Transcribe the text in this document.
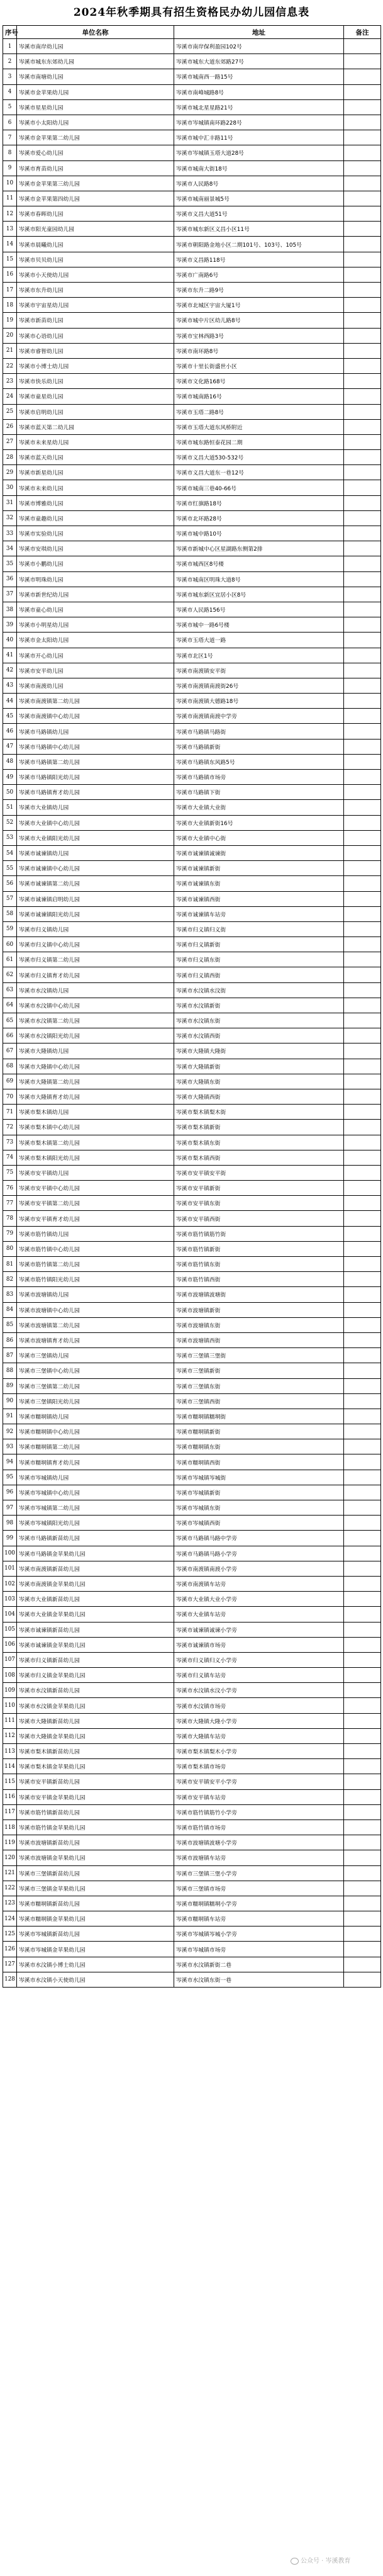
2024年秋季期具有招生资格民办幼儿园信息表
序号	单位名称	地址	备注
1	岑溪市南岸幼儿园	岑溪市南岸保利盈园102号	
2	岑溪市城东东郊幼儿园	岑溪市城东大道东郊路27号	
3	岑溪市南塘幼儿园	岑溪市城南西一路15号	
4	岑溪市金苹果幼儿园	岑溪市南峰城路8号	
5	岑溪市星星幼儿园	岑溪市城北星星路21号	
6	岑溪市小太阳幼儿园	岑溪市岑城镇南环路228号	
7	岑溪市金苹果第二幼儿园	岑溪市城中汇丰路11号	
8	岑溪市爱心幼儿园	岑溪市岑城镇玉塔大道28号	
9	岑溪市育苗幼儿园	岑溪市城南大街18号	
10	岑溪市金苹果第三幼儿园	岑溪市人民路8号	
11	岑溪市金苹果第四幼儿园	岑溪市城南丽景城5号	
12	岑溪市春晖幼儿园	岑溪市义昌大道51号	
13	岑溪市阳光童园幼儿园	岑溪市城东新区义昌小区11号	
14	岑溪市晨曦幼儿园	岑溪市朝阳路金地小区二期101号、103号、105号	
15	岑溪市贝贝幼儿园	岑溪市义昌路118号	
16	岑溪市小天使幼儿园	岑溪市广南路6号	
17	岑溪市东升幼儿园	岑溪市东升二路9号	
18	岑溪市宇宙星幼儿园	岑溪市北城区宇宙大厦1号	
19	岑溪市新苗幼儿园	岑溪市城中片区幼儿路8号	
20	岑溪市心语幼儿园	岑溪市宝林西路3号	
21	岑溪市睿智幼儿园	岑溪市南环路8号	
22	岑溪市小博士幼儿园	岑溪市十里长街盛世小区	
23	岑溪市快乐幼儿园	岑溪市文化路168号	
24	岑溪市童星幼儿园	岑溪市城南路16号	
25	岑溪市启明幼儿园	岑溪市玉塔二路8号	
26	岑溪市蓝天第二幼儿园	岑溪市玉塔大道东风桥附近	
27	岑溪市未来星幼儿园	岑溪市城东路恒泰花园二期	
28	岑溪市蓝天幼儿园	岑溪市义昌大道530-532号	
29	岑溪市新星幼儿园	岑溪市义昌大道东一巷12号	
30	岑溪市未来幼儿园	岑溪市城南三巷40-66号	
31	岑溪市博雅幼儿园	岑溪市红旗路18号	
32	岑溪市童趣幼儿园	岑溪市北环路28号	
33	岑溪市实验幼儿园	岑溪市城中路10号	
34	岑溪市安琪幼儿园	岑溪市新城中心区星湖路东侧第2排	
35	岑溪市小鹏幼儿园	岑溪市城西区8号楼	
36	岑溪市明珠幼儿园	岑溪市城南区明珠大道8号	
37	岑溪市新世纪幼儿园	岑溪市城东新区宜居小区8号	
38	岑溪市童心幼儿园	岑溪市人民路156号	
39	岑溪市小明星幼儿园	岑溪市城中一路6号楼	
40	岑溪市金太阳幼儿园	岑溪市玉塔大道一路	
41	岑溪市开心幼儿园	岑溪市北区1号	
42	岑溪市安平幼儿园	岑溪市南渡镇安平街	
43	岑溪市南渡幼儿园	岑溪市南渡镇南渡街26号	
44	岑溪市南渡镇第二幼儿园	岑溪市南渡镇大德路18号	
45	岑溪市南渡镇中心幼儿园	岑溪市南渡镇南渡中学旁	
46	岑溪市马路镇幼儿园	岑溪市马路镇马路街	
47	岑溪市马路镇中心幼儿园	岑溪市马路镇新街	
48	岑溪市马路镇第二幼儿园	岑溪市马路镇东风路5号	
49	岑溪市马路镇阳光幼儿园	岑溪市马路镇市场旁	
50	岑溪市马路镇育才幼儿园	岑溪市马路镇下街	
51	岑溪市大业镇幼儿园	岑溪市大业镇大业街	
52	岑溪市大业镇中心幼儿园	岑溪市大业镇新街16号	
53	岑溪市大业镇阳光幼儿园	岑溪市大业镇中心街	
54	岑溪市诚谏镇幼儿园	岑溪市诚谏镇诚谏街	
55	岑溪市诚谏镇中心幼儿园	岑溪市诚谏镇新街	
56	岑溪市诚谏镇第二幼儿园	岑溪市诚谏镇东街	
57	岑溪市诚谏镇启明幼儿园	岑溪市诚谏镇西街	
58	岑溪市诚谏镇阳光幼儿园	岑溪市诚谏镇车站旁	
59	岑溪市归义镇幼儿园	岑溪市归义镇归义街	
60	岑溪市归义镇中心幼儿园	岑溪市归义镇新街	
61	岑溪市归义镇第二幼儿园	岑溪市归义镇东街	
62	岑溪市归义镇育才幼儿园	岑溪市归义镇西街	
63	岑溪市水汶镇幼儿园	岑溪市水汶镇水汶街	
64	岑溪市水汶镇中心幼儿园	岑溪市水汶镇新街	
65	岑溪市水汶镇第二幼儿园	岑溪市水汶镇东街	
66	岑溪市水汶镇阳光幼儿园	岑溪市水汶镇西街	
67	岑溪市大隆镇幼儿园	岑溪市大隆镇大隆街	
68	岑溪市大隆镇中心幼儿园	岑溪市大隆镇新街	
69	岑溪市大隆镇第二幼儿园	岑溪市大隆镇东街	
70	岑溪市大隆镇育才幼儿园	岑溪市大隆镇西街	
71	岑溪市梨木镇幼儿园	岑溪市梨木镇梨木街	
72	岑溪市梨木镇中心幼儿园	岑溪市梨木镇新街	
73	岑溪市梨木镇第二幼儿园	岑溪市梨木镇东街	
74	岑溪市梨木镇阳光幼儿园	岑溪市梨木镇西街	
75	岑溪市安平镇幼儿园	岑溪市安平镇安平街	
76	岑溪市安平镇中心幼儿园	岑溪市安平镇新街	
77	岑溪市安平镇第二幼儿园	岑溪市安平镇东街	
78	岑溪市安平镇育才幼儿园	岑溪市安平镇西街	
79	岑溪市筋竹镇幼儿园	岑溪市筋竹镇筋竹街	
80	岑溪市筋竹镇中心幼儿园	岑溪市筋竹镇新街	
81	岑溪市筋竹镇第二幼儿园	岑溪市筋竹镇东街	
82	岑溪市筋竹镇阳光幼儿园	岑溪市筋竹镇西街	
83	岑溪市波塘镇幼儿园	岑溪市波塘镇波塘街	
84	岑溪市波塘镇中心幼儿园	岑溪市波塘镇新街	
85	岑溪市波塘镇第二幼儿园	岑溪市波塘镇东街	
86	岑溪市波塘镇育才幼儿园	岑溪市波塘镇西街	
87	岑溪市三堡镇幼儿园	岑溪市三堡镇三堡街	
88	岑溪市三堡镇中心幼儿园	岑溪市三堡镇新街	
89	岑溪市三堡镇第二幼儿园	岑溪市三堡镇东街	
90	岑溪市三堡镇阳光幼儿园	岑溪市三堡镇西街	
91	岑溪市糯垌镇幼儿园	岑溪市糯垌镇糯垌街	
92	岑溪市糯垌镇中心幼儿园	岑溪市糯垌镇新街	
93	岑溪市糯垌镇第二幼儿园	岑溪市糯垌镇东街	
94	岑溪市糯垌镇育才幼儿园	岑溪市糯垌镇西街	
95	岑溪市岑城镇幼儿园	岑溪市岑城镇岑城街	
96	岑溪市岑城镇中心幼儿园	岑溪市岑城镇新街	
97	岑溪市岑城镇第二幼儿园	岑溪市岑城镇东街	
98	岑溪市岑城镇阳光幼儿园	岑溪市岑城镇西街	
99	岑溪市马路镇新苗幼儿园	岑溪市马路镇马路中学旁	
100	岑溪市马路镇金苹果幼儿园	岑溪市马路镇马路小学旁	
101	岑溪市南渡镇新苗幼儿园	岑溪市南渡镇南渡小学旁	
102	岑溪市南渡镇金苹果幼儿园	岑溪市南渡镇车站旁	
103	岑溪市大业镇新苗幼儿园	岑溪市大业镇大业小学旁	
104	岑溪市大业镇金苹果幼儿园	岑溪市大业镇车站旁	
105	岑溪市诚谏镇新苗幼儿园	岑溪市诚谏镇诚谏小学旁	
106	岑溪市诚谏镇金苹果幼儿园	岑溪市诚谏镇市场旁	
107	岑溪市归义镇新苗幼儿园	岑溪市归义镇归义小学旁	
108	岑溪市归义镇金苹果幼儿园	岑溪市归义镇车站旁	
109	岑溪市水汶镇新苗幼儿园	岑溪市水汶镇水汶小学旁	
110	岑溪市水汶镇金苹果幼儿园	岑溪市水汶镇市场旁	
111	岑溪市大隆镇新苗幼儿园	岑溪市大隆镇大隆小学旁	
112	岑溪市大隆镇金苹果幼儿园	岑溪市大隆镇车站旁	
113	岑溪市梨木镇新苗幼儿园	岑溪市梨木镇梨木小学旁	
114	岑溪市梨木镇金苹果幼儿园	岑溪市梨木镇市场旁	
115	岑溪市安平镇新苗幼儿园	岑溪市安平镇安平小学旁	
116	岑溪市安平镇金苹果幼儿园	岑溪市安平镇车站旁	
117	岑溪市筋竹镇新苗幼儿园	岑溪市筋竹镇筋竹小学旁	
118	岑溪市筋竹镇金苹果幼儿园	岑溪市筋竹镇市场旁	
119	岑溪市波塘镇新苗幼儿园	岑溪市波塘镇波塘小学旁	
120	岑溪市波塘镇金苹果幼儿园	岑溪市波塘镇车站旁	
121	岑溪市三堡镇新苗幼儿园	岑溪市三堡镇三堡小学旁	
122	岑溪市三堡镇金苹果幼儿园	岑溪市三堡镇市场旁	
123	岑溪市糯垌镇新苗幼儿园	岑溪市糯垌镇糯垌小学旁	
124	岑溪市糯垌镇金苹果幼儿园	岑溪市糯垌镇车站旁	
125	岑溪市岑城镇新苗幼儿园	岑溪市岑城镇岑城小学旁	
126	岑溪市岑城镇金苹果幼儿园	岑溪市岑城镇市场旁	
127	岑溪市水汶镇小博士幼儿园	岑溪市水汶镇新街二巷	
128	岑溪市水汶镇小天使幼儿园	岑溪市水汶镇东街一巷	
公众号 · 岑溪教育
